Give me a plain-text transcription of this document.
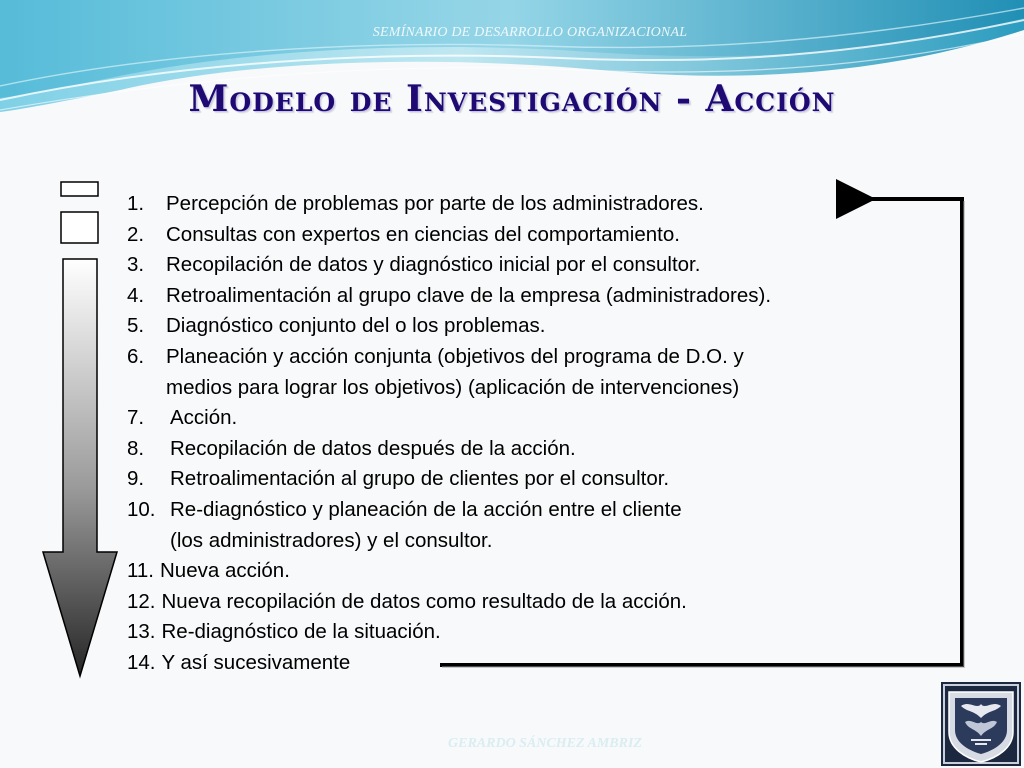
SEMÍNARIO DE DESARROLLO ORGANIZACIONAL
Modelo de Investigación - Acción
1.	Percepción de problemas por parte de los administradores.
2.	Consultas con expertos en ciencias del comportamiento.
3.	Recopilación de datos y diagnóstico inicial por el consultor.
4.	Retroalimentación al grupo clave de la empresa (administradores).
5.	Diagnóstico conjunto del o los problemas.
6.	Planeación y acción conjunta (objetivos del programa de D.O. y
medios para lograr los objetivos) (aplicación de intervenciones)
7.	Acción.
8.	Recopilación de datos después de la acción.
9.	Retroalimentación al grupo de clientes por el consultor.
10. Re-diagnóstico y planeación de la acción entre el cliente
(los administradores) y el consultor.
11. Nueva acción.
12. Nueva recopilación de datos como resultado de la acción.
13. Re-diagnóstico de la situación.
14. Y así sucesivamente
GERARDO SÁNCHEZ AMBRIZ
